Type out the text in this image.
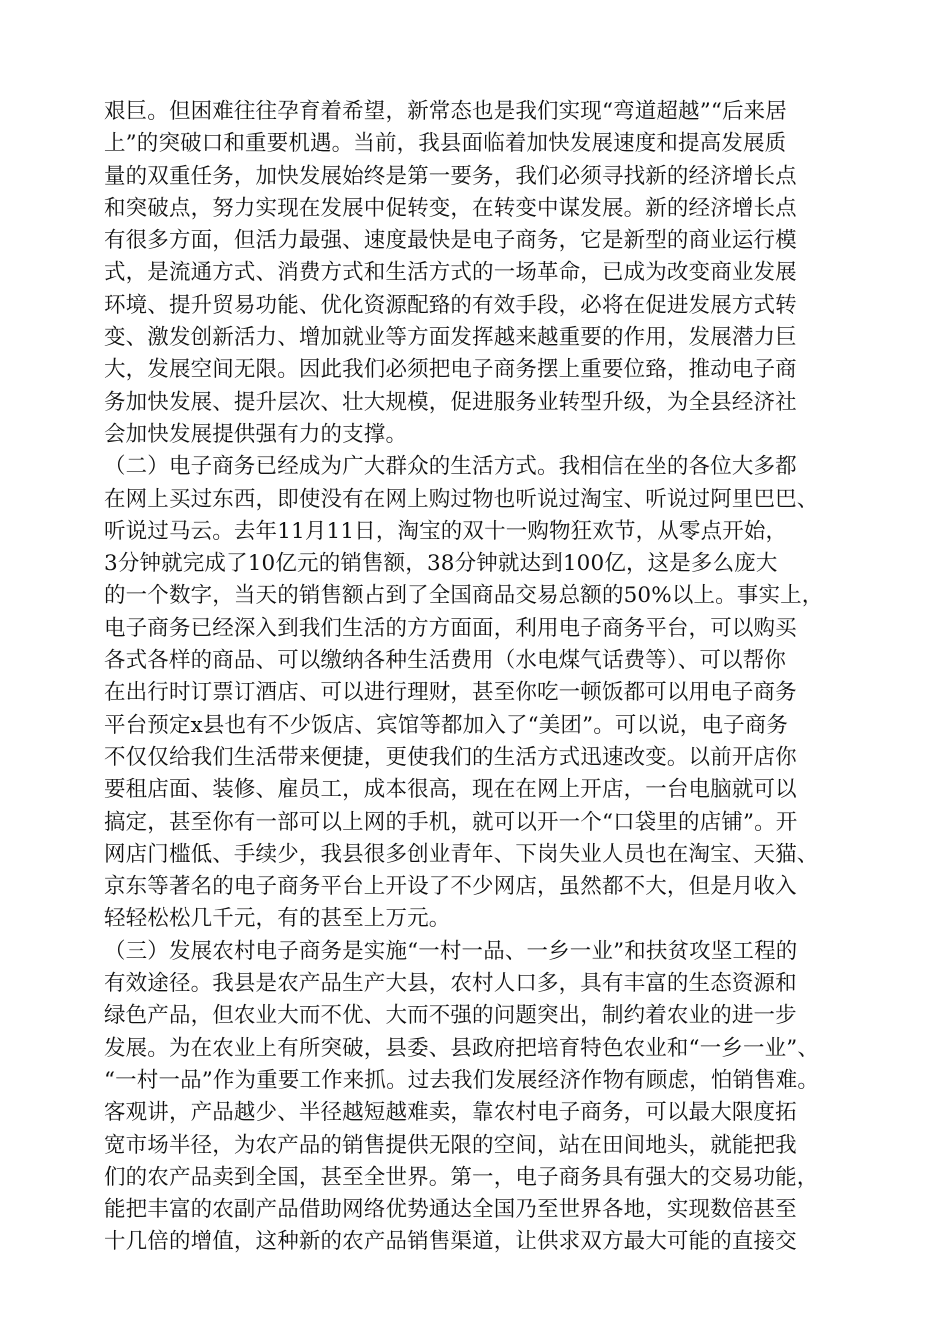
艰巨。但困难往往孕育着希望，新常态也是我们实现“弯道超越”“后来居
上”的突破口和重要机遇。当前，我县面临着加快发展速度和提高发展质
量的双重任务，加快发展始终是第一要务，我们必须寻找新的经济增长点
和突破点，努力实现在发展中促转变，在转变中谋发展。新的经济增长点
有很多方面，但活力最强、速度最快是电子商务，它是新型的商业运行模
式，是流通方式、消费方式和生活方式的一场革命，已成为改变商业发展
环境、提升贸易功能、优化资源配臵的有效手段，必将在促进发展方式转
变、激发创新活力、增加就业等方面发挥越来越重要的作用，发展潜力巨
大，发展空间无限。因此我们必须把电子商务摆上重要位臵，推动电子商
务加快发展、提升层次、壮大规模，促进服务业转型升级，为全县经济社
会加快发展提供强有力的支撑。
（二）电子商务已经成为广大群众的生活方式。我相信在坐的各位大多都
在网上买过东西，即使没有在网上购过物也听说过淘宝、听说过阿里巴巴、
听说过马云。去年11月11日，淘宝的双十一购物狂欢节，从零点开始，
3分钟就完成了10亿元的销售额，38分钟就达到100亿，这是多么庞大
的一个数字，当天的销售额占到了全国商品交易总额的50%以上。事实上，
电子商务已经深入到我们生活的方方面面，利用电子商务平台，可以购买
各式各样的商品、可以缴纳各种生活费用（水电煤气话费等）、可以帮你
在出行时订票订酒店、可以进行理财，甚至你吃一顿饭都可以用电子商务
平台预定x县也有不少饭店、宾馆等都加入了“美团”。可以说，电子商务
不仅仅给我们生活带来便捷，更使我们的生活方式迅速改变。以前开店你
要租店面、装修、雇员工，成本很高，现在在网上开店，一台电脑就可以
搞定，甚至你有一部可以上网的手机，就可以开一个“口袋里的店铺”。开
网店门槛低、手续少，我县很多创业青年、下岗失业人员也在淘宝、天猫、
京东等著名的电子商务平台上开设了不少网店，虽然都不大，但是月收入
轻轻松松几千元，有的甚至上万元。
（三）发展农村电子商务是实施“一村一品、一乡一业”和扶贫攻坚工程的
有效途径。我县是农产品生产大县，农村人口多，具有丰富的生态资源和
绿色产品，但农业大而不优、大而不强的问题突出，制约着农业的进一步
发展。为在农业上有所突破，县委、县政府把培育特色农业和“一乡一业”、
“一村一品”作为重要工作来抓。过去我们发展经济作物有顾虑，怕销售难。
客观讲，产品越少、半径越短越难卖，靠农村电子商务，可以最大限度拓
宽市场半径，为农产品的销售提供无限的空间，站在田间地头，就能把我
们的农产品卖到全国，甚至全世界。第一，电子商务具有强大的交易功能，
能把丰富的农副产品借助网络优势通达全国乃至世界各地，实现数倍甚至
十几倍的增值，这种新的农产品销售渠道，让供求双方最大可能的直接交
